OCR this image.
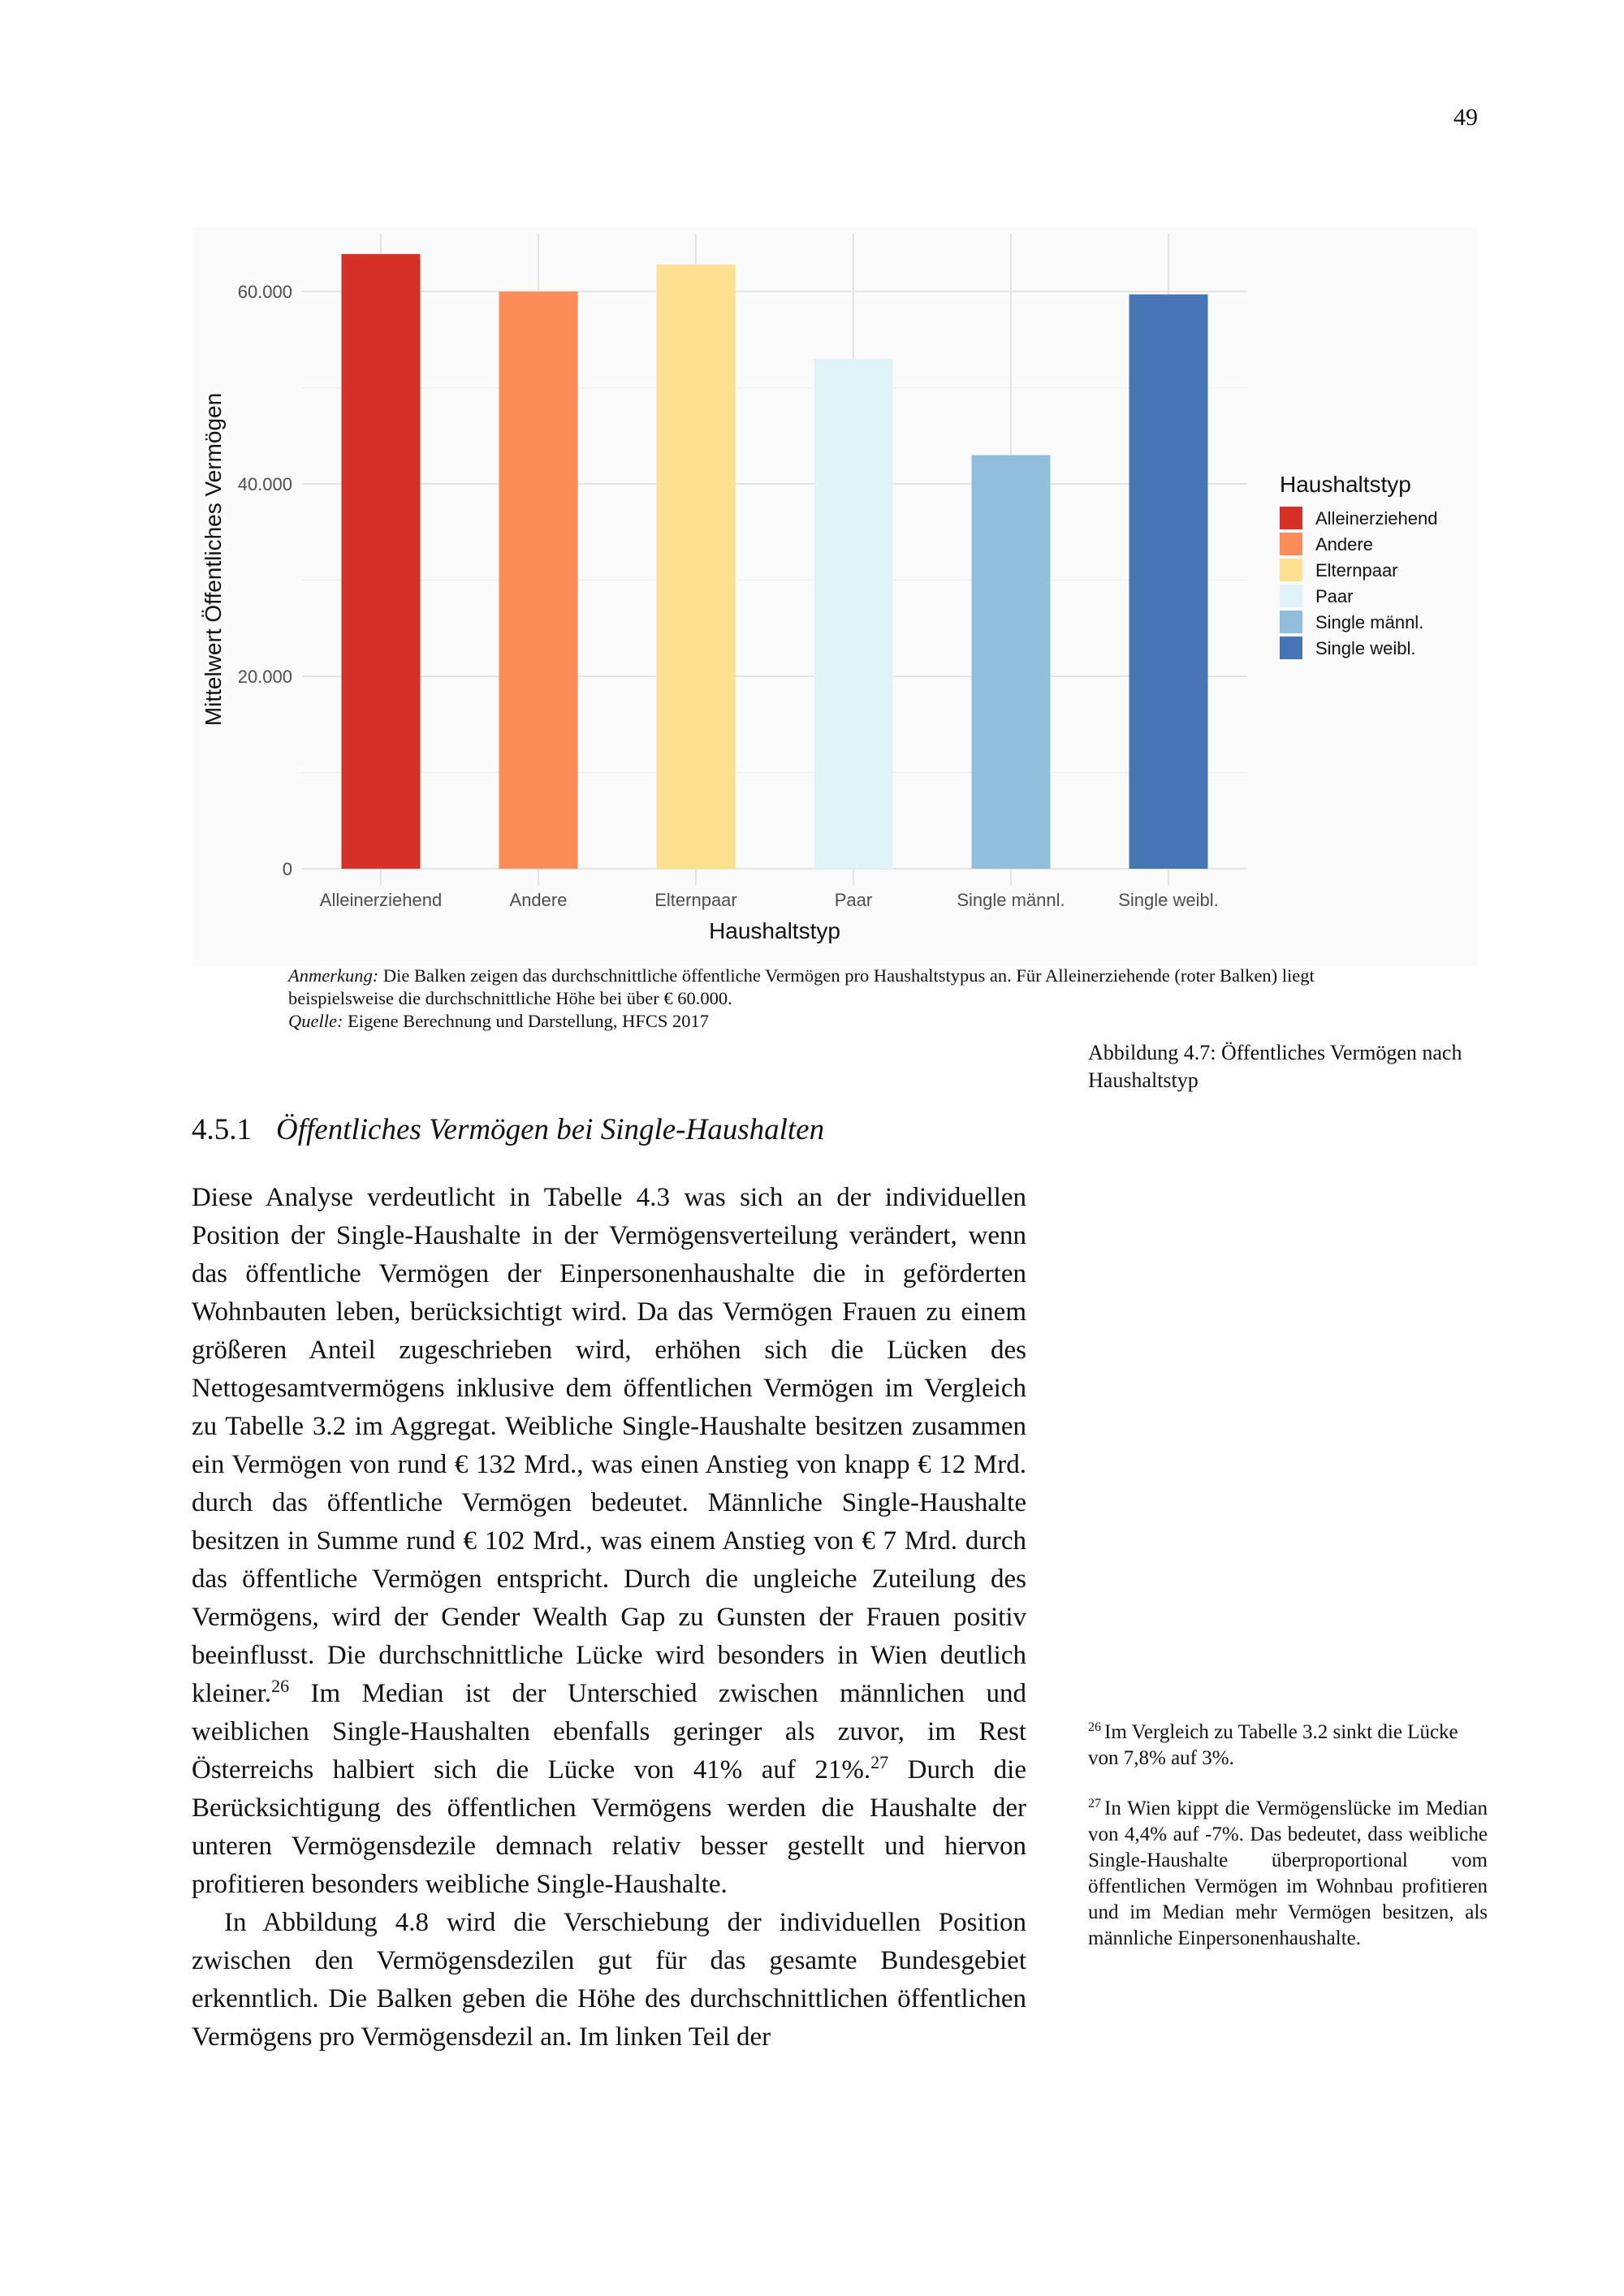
49
0
20.000
40.000
60.000
Alleinerziehend	Andere	Elternpaar	Paar	Single männl.	Single weibl.
Haushaltstyp
Mittelwert Öffentliches Vermögen	Haushaltstyp
Alleinerziehend
Andere
Elternpaar
Paar
Single männl.
Single weibl.

Anmerkung: Die Balken zeigen das durchschnittliche öffentliche Vermögen pro Haushaltstypus an. Für Alleinerziehende (roter Balken) liegt beispielsweise die durchschnittliche Höhe bei über € 60.000.

Quelle: Eigene Berechnung und Darstellung, HFCS 2017

Abbildung 4.7: Öffentliches Vermögen nach Haushaltstyp
4.5.1 Öffentliches Vermögen bei Single-Haushalten

Diese Analyse verdeutlicht in Tabelle 4.3 was sich an der individuellen Position der Single-Haushalte in der Vermögensverteilung verändert, wenn das öffentliche Vermögen der Einpersonenhaushalte die in geförderten Wohnbauten leben, berücksichtigt wird. Da das Vermögen Frauen zu einem größeren Anteil zugeschrieben wird, erhöhen sich die Lücken des Nettogesamtvermögens inklusive dem öffentlichen Vermögen im Vergleich zu Tabelle 3.2 im Aggregat. Weibliche Single-Haushalte besitzen zusammen ein Vermögen von rund € 132 Mrd., was einen Anstieg von knapp € 12 Mrd. durch das öffentliche Vermögen bedeutet. Männliche Single-Haushalte besitzen in Summe rund € 102 Mrd., was einem Anstieg von € 7 Mrd. durch das öffentliche Vermögen entspricht. Durch die ungleiche Zuteilung des Vermögens, wird der Gender Wealth Gap zu Gunsten der Frauen positiv beeinflusst. Die durchschnittliche Lücke wird besonders in Wien deutlich kleiner.$^{26}$ Im Median ist der Unterschied zwischen männlichen und weiblichen Single-Haushalten ebenfalls geringer als zuvor, im Rest Österreichs halbiert sich die Lücke von 41% auf 21%.$^{27}$ Durch die Berücksichtigung des öffentlichen Vermögens werden die Haushalte der unteren Vermögensdezile demnach relativ besser gestellt und hiervon profitieren besonders weibliche Single-Haushalte.

In Abbildung 4.8 wird die Verschiebung der individuellen Position zwischen den Vermögensdezilen gut für das gesamte Bundesgebiet erkenntlich. Die Balken geben die Höhe des durchschnittlichen öffentlichen Vermögens pro Vermögensdezil an. Im linken Teil der

$^{26}$ Im Vergleich zu Tabelle 3.2 sinkt die Lücke von 7,8% auf 3%.
$^{27}$ In Wien kippt die Vermögenslücke im Median von 4,4% auf -7%. Das bedeutet, dass weibliche Single-Haushalte überproportional vom öffentlichen Vermögen im Wohnbau profitieren und im Median mehr Vermögen besitzen, als männliche Einpersonenhaushalte.
